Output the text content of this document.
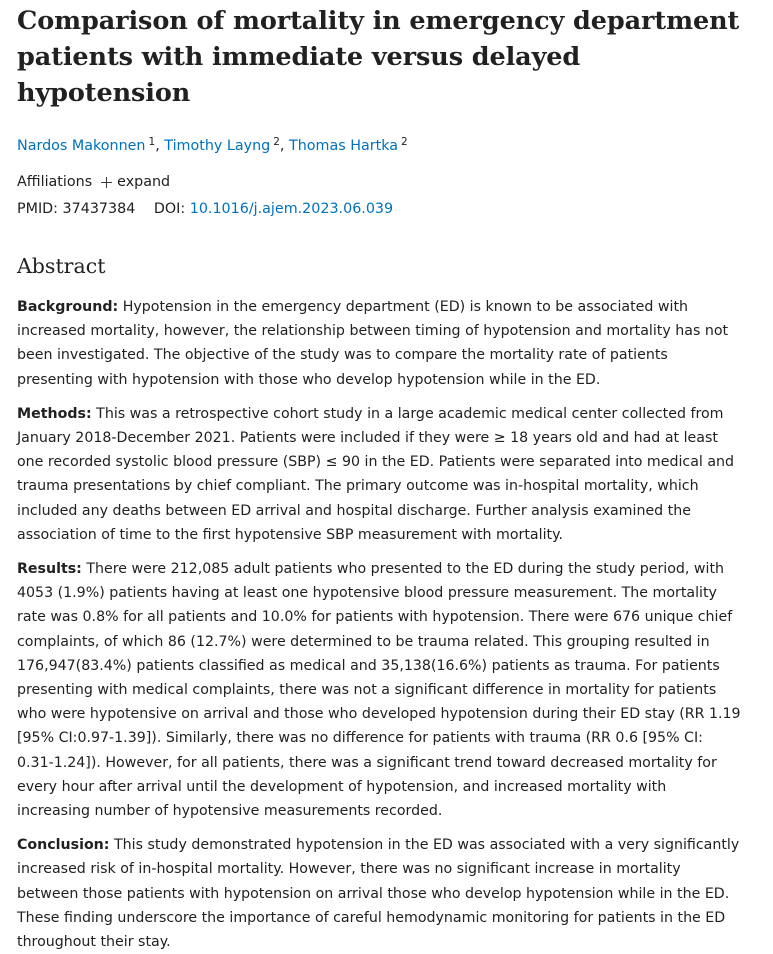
Comparison of mortality in emergency department patients with immediate versus delayed hypotension
Nardos Makonnen $^1$, Timothy Layng $^2$, Thomas Hartka $^2$
Affiliations expand
PMID: 37437384 DOI: 10.1016/j.ajem.2023.06.039
Abstract

Background: Hypotension in the emergency department (ED) is known to be associated with increased mortality, however, the relationship between timing of hypotension and mortality has not been investigated. The objective of the study was to compare the mortality rate of patients presenting with hypotension with those who develop hypotension while in the ED.

Methods: This was a retrospective cohort study in a large academic medical center collected from January 2018-December 2021. Patients were included if they were ≥ 18 years old and had at least one recorded systolic blood pressure (SBP) ≤ 90 in the ED. Patients were separated into medical and trauma presentations by chief compliant. The primary outcome was in-hospital mortality, which included any deaths between ED arrival and hospital discharge. Further analysis examined the association of time to the first hypotensive SBP measurement with mortality.

Results: There were 212,085 adult patients who presented to the ED during the study period, with 4053 (1.9%) patients having at least one hypotensive blood pressure measurement. The mortality rate was 0.8% for all patients and 10.0% for patients with hypotension. There were 676 unique chief complaints, of which 86 (12.7%) were determined to be trauma related. This grouping resulted in 176,947(83.4%) patients classified as medical and 35,138(16.6%) patients as trauma. For patients presenting with medical complaints, there was not a significant difference in mortality for patients who were hypotensive on arrival and those who developed hypotension during their ED stay (RR 1.19 [95% CI:0.97-1.39]). Similarly, there was no difference for patients with trauma (RR 0.6 [95% CI: 0.31-1.24]). However, for all patients, there was a significant trend toward decreased mortality for every hour after arrival until the development of hypotension, and increased mortality with increasing number of hypotensive measurements recorded.

Conclusion: This study demonstrated hypotension in the ED was associated with a very significantly increased risk of in-hospital mortality. However, there was no significant increase in mortality between those patients with hypotension on arrival those who develop hypotension while in the ED. These finding underscore the importance of careful hemodynamic monitoring for patients in the ED throughout their stay.
